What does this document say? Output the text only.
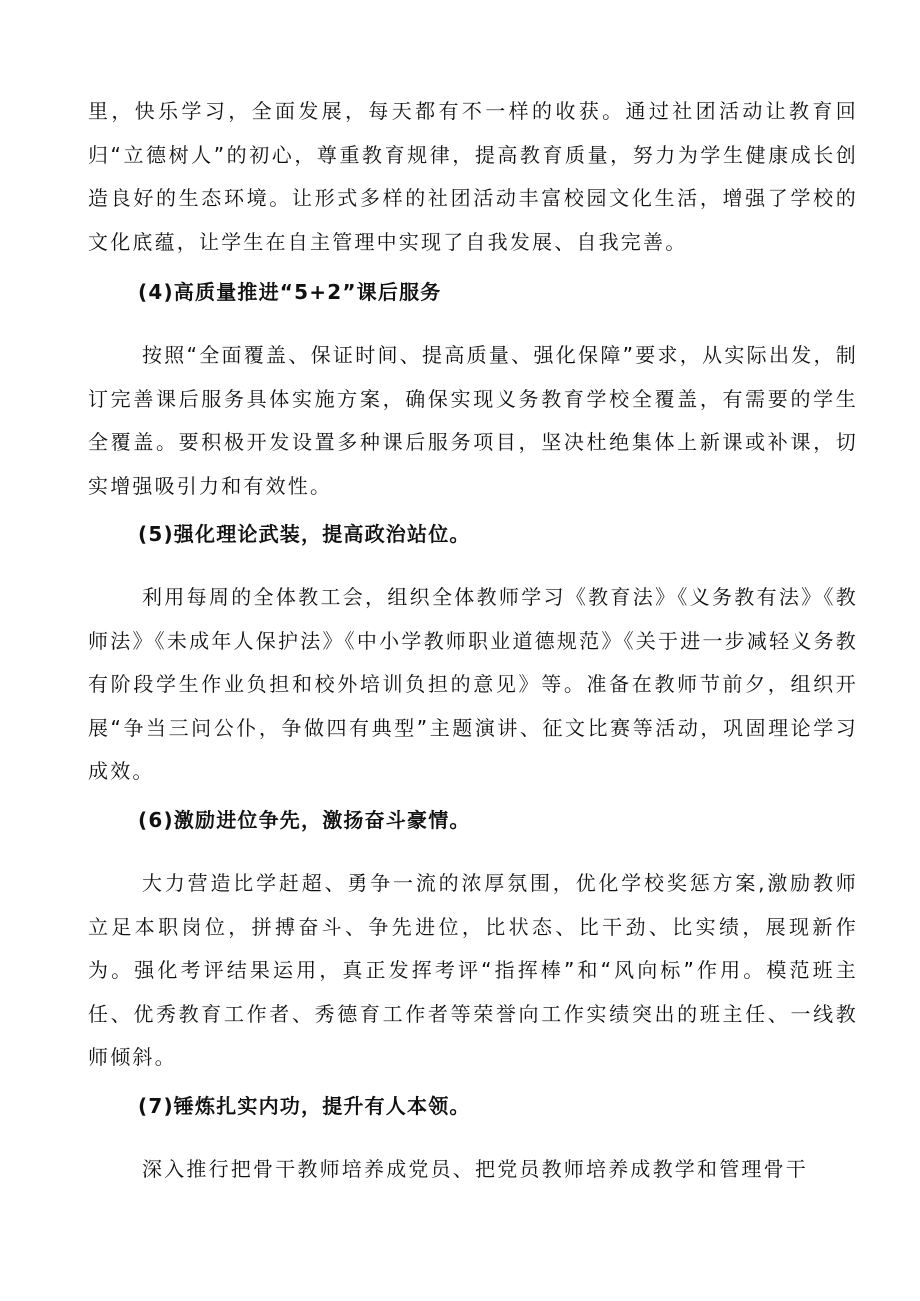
里，快乐学习，全面发展，每天都有不一样的收获。通过社团活动让教育回归“立德树人”的初心，尊重教育规律，提高教育质量，努力为学生健康成长创造良好的生态环境。让形式多样的社团活动丰富校园文化生活，增强了学校的文化底蕴，让学生在自主管理中实现了自我发展、自我完善。

(4)高质量推进“5+2”课后服务

按照“全面覆盖、保证时间、提高质量、强化保障”要求，从实际出发，制订完善课后服务具体实施方案，确保实现义务教育学校全覆盖，有需要的学生全覆盖。要积极开发设置多种课后服务项目，坚决杜绝集体上新课或补课，切实增强吸引力和有效性。

(5)强化理论武装，提高政治站位。

利用每周的全体教工会，组织全体教师学习《教育法》《义务教有法》《教师法》《未成年人保护法》《中小学教师职业道德规范》《关于进一步减轻义务教有阶段学生作业负担和校外培训负担的意见》等。准备在教师节前夕，组织开展“争当三问公仆，争做四有典型”主题演讲、征文比赛等活动，巩固理论学习成效。

(6)激励进位争先，激扬奋斗豪情。

大力营造比学赶超、勇争一流的浓厚氛围，优化学校奖惩方案,激励教师立足本职岗位，拼搏奋斗、争先进位，比状态、比干劲、比实绩，展现新作为。强化考评结果运用，真正发挥考评“指挥棒”和“风向标”作用。模范班主任、优秀教育工作者、秀德育工作者等荣誉向工作实绩突出的班主任、一线教师倾斜。

(7)锤炼扎实内功，提升有人本领。

深入推行把骨干教师培养成党员、把党员教师培养成教学和管理骨干
